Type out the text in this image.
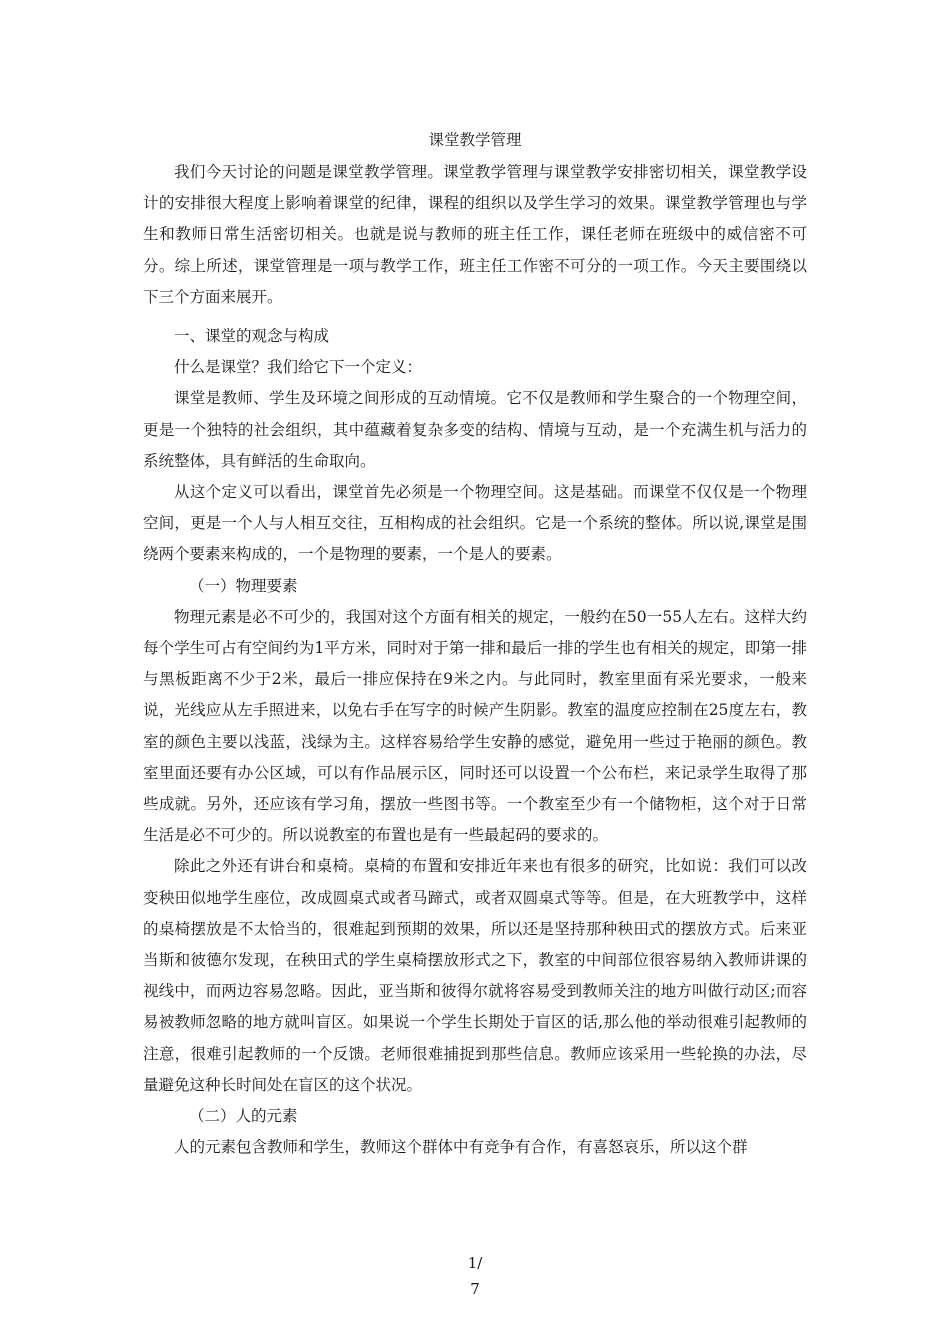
课堂教学管理

我们今天讨论的问题是课堂教学管理。课堂教学管理与课堂教学安排密切相关，课堂教学设计的安排很大程度上影响着课堂的纪律，课程的组织以及学生学习的效果。课堂教学管理也与学生和教师日常生活密切相关。也就是说与教师的班主任工作，课任老师在班级中的威信密不可分。综上所述，课堂管理是一项与教学工作，班主任工作密不可分的一项工作。今天主要围绕以下三个方面来展开。

一、课堂的观念与构成

什么是课堂？我们给它下一个定义：

课堂是教师、学生及环境之间形成的互动情境。它不仅是教师和学生聚合的一个物理空间，更是一个独特的社会组织，其中蕴藏着复杂多变的结构、情境与互动，是一个充满生机与活力的系统整体，具有鲜活的生命取向。

从这个定义可以看出，课堂首先必须是一个物理空间。这是基础。而课堂不仅仅是一个物理空间，更是一个人与人相互交往，互相构成的社会组织。它是一个系统的整体。所以说,课堂是围绕两个要素来构成的，一个是物理的要素，一个是人的要素。

（一）物理要素

物理元素是必不可少的，我国对这个方面有相关的规定，一般约在50一55人左右。这样大约每个学生可占有空间约为1平方米，同时对于第一排和最后一排的学生也有相关的规定，即第一排与黑板距离不少于2米，最后一排应保持在9米之内。与此同时，教室里面有采光要求，一般来说，光线应从左手照进来，以免右手在写字的时候产生阴影。教室的温度应控制在25度左右，教室的颜色主要以浅蓝，浅绿为主。这样容易给学生安静的感觉，避免用一些过于艳丽的颜色。教室里面还要有办公区域，可以有作品展示区，同时还可以设置一个公布栏，来记录学生取得了那些成就。另外，还应该有学习角，摆放一些图书等。一个教室至少有一个储物柜，这个对于日常生活是必不可少的。所以说教室的布置也是有一些最起码的要求的。

除此之外还有讲台和桌椅。桌椅的布置和安排近年来也有很多的研究，比如说：我们可以改变秧田似地学生座位，改成圆桌式或者马蹄式，或者双圆桌式等等。但是，在大班教学中，这样的桌椅摆放是不太恰当的，很难起到预期的效果，所以还是坚持那种秧田式的摆放方式。后来亚当斯和彼德尔发现，在秧田式的学生桌椅摆放形式之下，教室的中间部位很容易纳入教师讲课的视线中，而两边容易忽略。因此，亚当斯和彼得尔就将容易受到教师关注的地方叫做行动区;而容易被教师忽略的地方就叫盲区。如果说一个学生长期处于盲区的话,那么他的举动很难引起教师的注意，很难引起教师的一个反馈。老师很难捕捉到那些信息。教师应该采用一些轮换的办法，尽量避免这种长时间处在盲区的这个状况。

（二）人的元素

人的元素包含教师和学生，教师这个群体中有竞争有合作，有喜怒哀乐，所以这个群

1/
7
